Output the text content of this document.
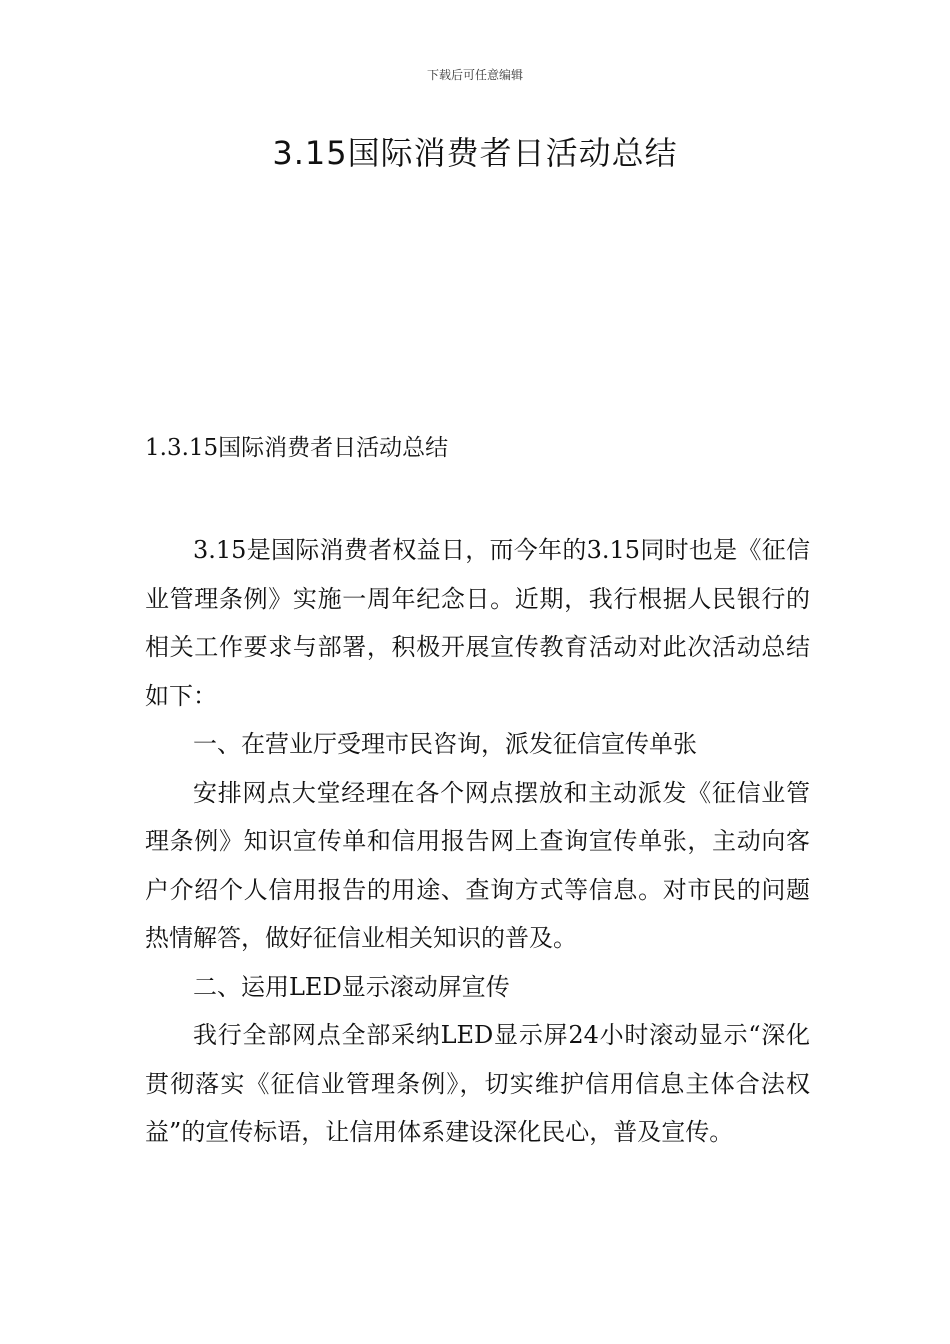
下载后可任意编辑
3.15国际消费者日活动总结
1.3.15国际消费者日活动总结

3.15是国际消费者权益日，而今年的3.15同时也是《征信业管理条例》实施一周年纪念日。近期，我行根据人民银行的相关工作要求与部署，积极开展宣传教育活动对此次活动总结如下：

一、在营业厅受理市民咨询，派发征信宣传单张

安排网点大堂经理在各个网点摆放和主动派发《征信业管理条例》知识宣传单和信用报告网上查询宣传单张，主动向客户介绍个人信用报告的用途、查询方式等信息。对市民的问题热情解答，做好征信业相关知识的普及。

二、运用LED显示滚动屏宣传

我行全部网点全部采纳LED显示屏24小时滚动显示“深化贯彻落实《征信业管理条例》，切实维护信用信息主体合法权益”的宣传标语，让信用体系建设深化民心，普及宣传。
